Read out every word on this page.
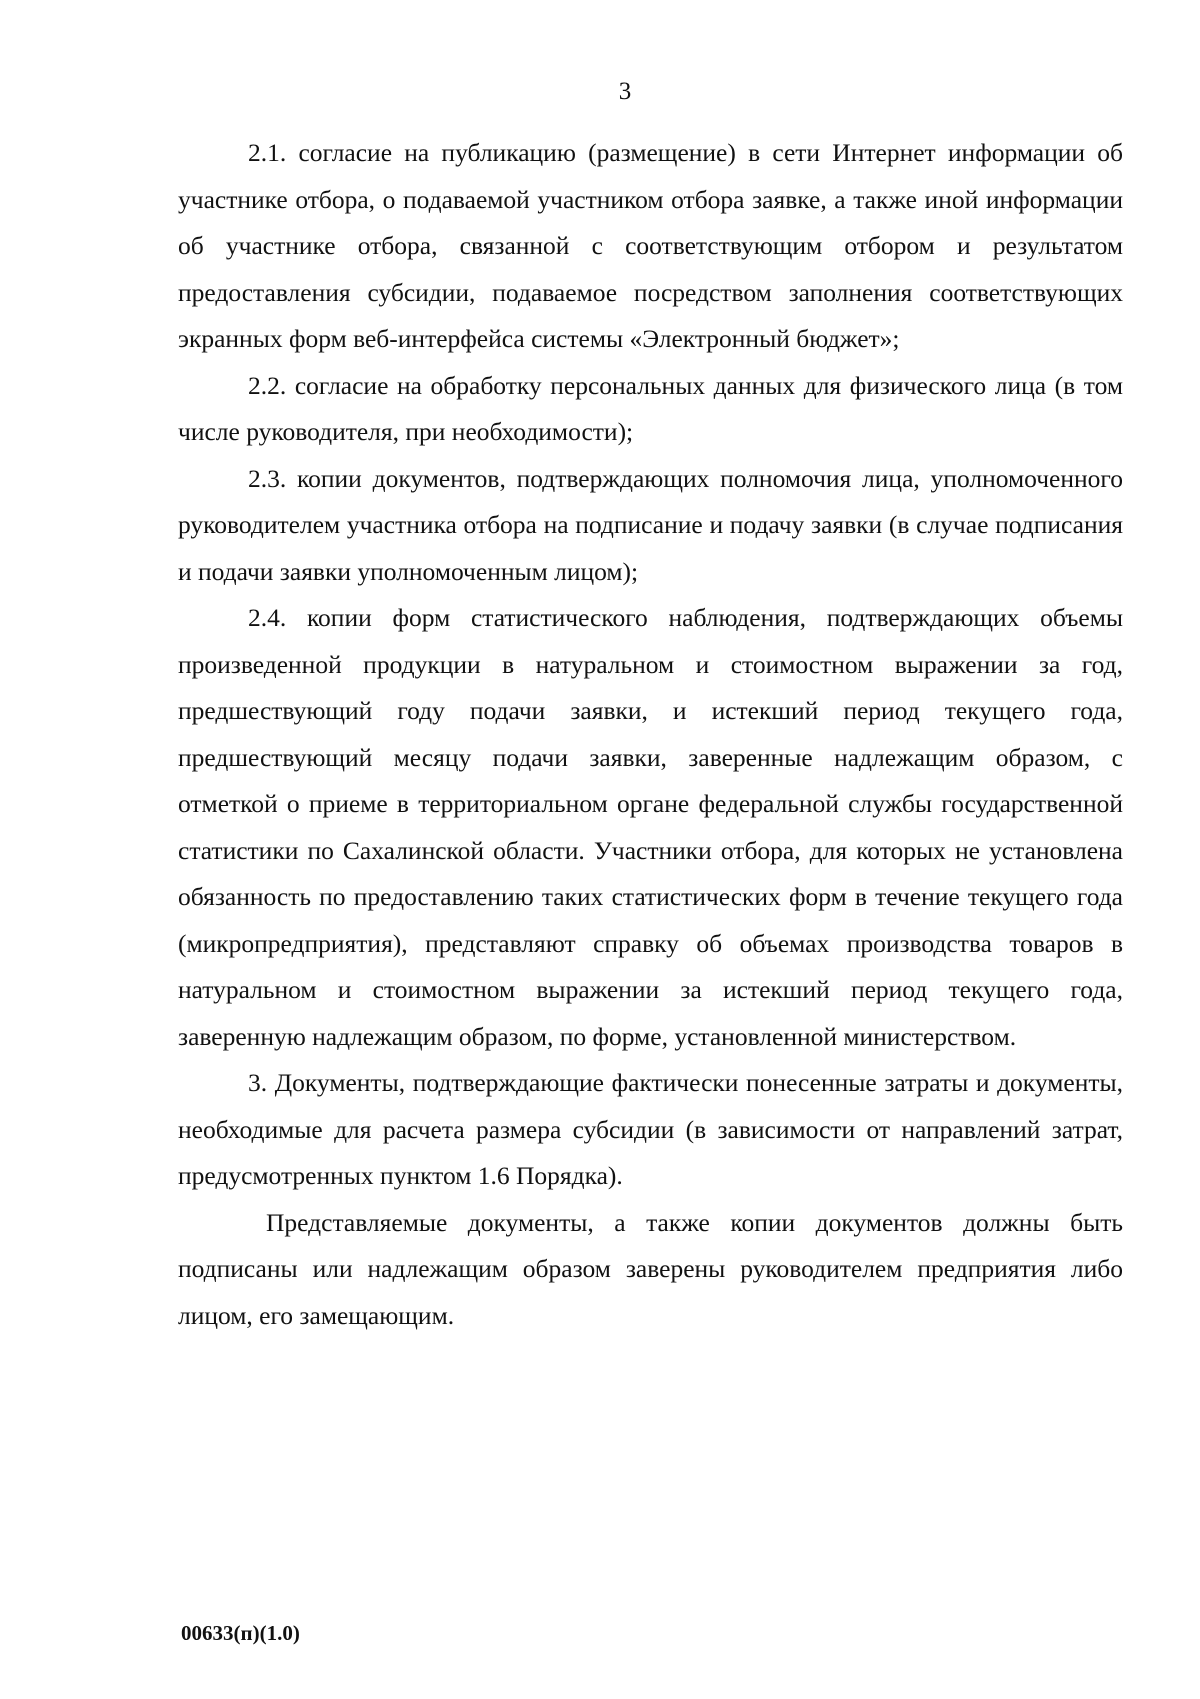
3

2.1. согласие на публикацию (размещение) в сети Интернет информации об участнике отбора, о подаваемой участником отбора заявке, а также иной информации об участнике отбора, связанной с соответствующим отбором и результатом предоставления субсидии, подаваемое посредством заполнения соответствующих экранных форм веб-интерфейса системы «Электронный бюджет»;

2.2. согласие на обработку персональных данных для физического лица (в том числе руководителя, при необходимости);

2.3. копии документов, подтверждающих полномочия лица, уполномоченного руководителем участника отбора на подписание и подачу заявки (в случае подписания и подачи заявки уполномоченным лицом);

2.4. копии форм статистического наблюдения, подтверждающих объемы произведенной продукции в натуральном и стоимостном выражении за год, предшествующий году подачи заявки, и истекший период текущего года, предшествующий месяцу подачи заявки, заверенные надлежащим образом, с отметкой о приеме в территориальном органе федеральной службы государственной статистики по Сахалинской области. Участники отбора, для которых не установлена обязанность по предоставлению таких статистических форм в течение текущего года (микропредприятия), представляют справку об объемах производства товаров в натуральном и стоимостном выражении за истекший период текущего года, заверенную надлежащим образом, по форме, установленной министерством.

3. Документы, подтверждающие фактически понесенные затраты и документы, необходимые для расчета размера субсидии (в зависимости от направлений затрат, предусмотренных пунктом 1.6 Порядка).

Представляемые документы, а также копии документов должны быть подписаны или надлежащим образом заверены руководителем предприятия либо лицом, его замещающим.

00633(п)(1.0)
